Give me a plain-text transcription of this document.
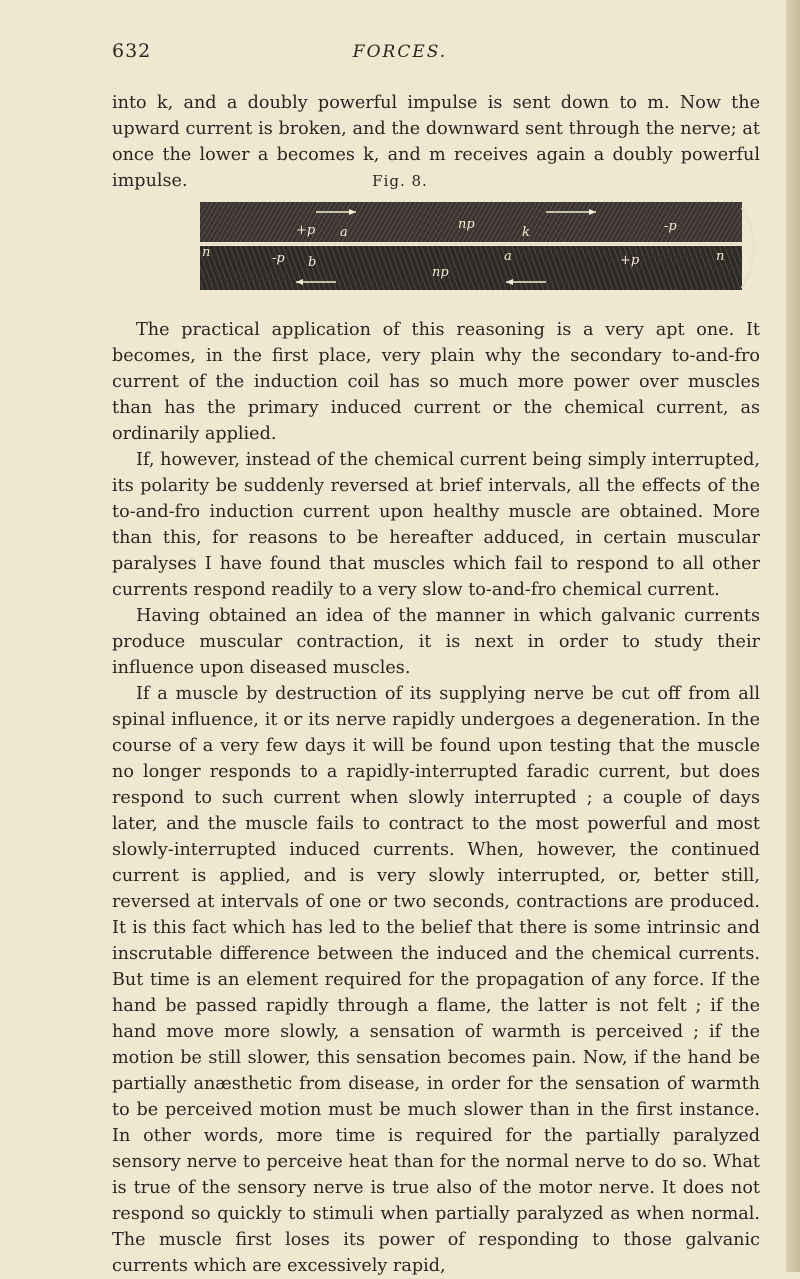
632	FORCES.

into k, and a doubly powerful impulse is sent down to m. Now the upward current is broken, and the downward sent through the nerve; at once the lower a becomes k, and m receives again a doubly powerful impulse.	Fig. 8.
+p a
np
k	-p
n	-p b
np
a	+p	n

The practical application of this reasoning is a very apt one. It becomes, in the first place, very plain why the secondary to-and-fro current of the induction coil has so much more power over muscles than has the primary induced current or the chemical current, as ordinarily applied.

If, however, instead of the chemical current being simply interrupted, its polarity be suddenly reversed at brief intervals, all the effects of the to-and-fro induction current upon healthy muscle are obtained. More than this, for reasons to be hereafter adduced, in certain muscular paralyses I have found that muscles which fail to respond to all other currents respond readily to a very slow to-and-fro chemical current.

Having obtained an idea of the manner in which galvanic currents produce muscular contraction, it is next in order to study their influence upon diseased muscles.

If a muscle by destruction of its supplying nerve be cut off from all spinal influence, it or its nerve rapidly undergoes a degeneration. In the course of a very few days it will be found upon testing that the muscle no longer responds to a rapidly-interrupted faradic current, but does respond to such current when slowly interrupted ; a couple of days later, and the muscle fails to contract to the most powerful and most slowly-interrupted induced currents. When, however, the continued current is applied, and is very slowly interrupted, or, better still, reversed at intervals of one or two seconds, contractions are produced. It is this fact which has led to the belief that there is some intrinsic and inscrutable difference between the induced and the chemical currents. But time is an element required for the propagation of any force. If the hand be passed rapidly through a flame, the latter is not felt ; if the hand move more slowly, a sensation of warmth is perceived ; if the motion be still slower, this sensation becomes pain. Now, if the hand be partially anæsthetic from disease, in order for the sensation of warmth to be perceived motion must be much slower than in the first instance. In other words, more time is required for the partially paralyzed sensory nerve to perceive heat than for the normal nerve to do so. What is true of the sensory nerve is true also of the motor nerve. It does not respond so quickly to stimuli when partially paralyzed as when normal. The muscle first loses its power of responding to those galvanic currents which are excessively rapid,
